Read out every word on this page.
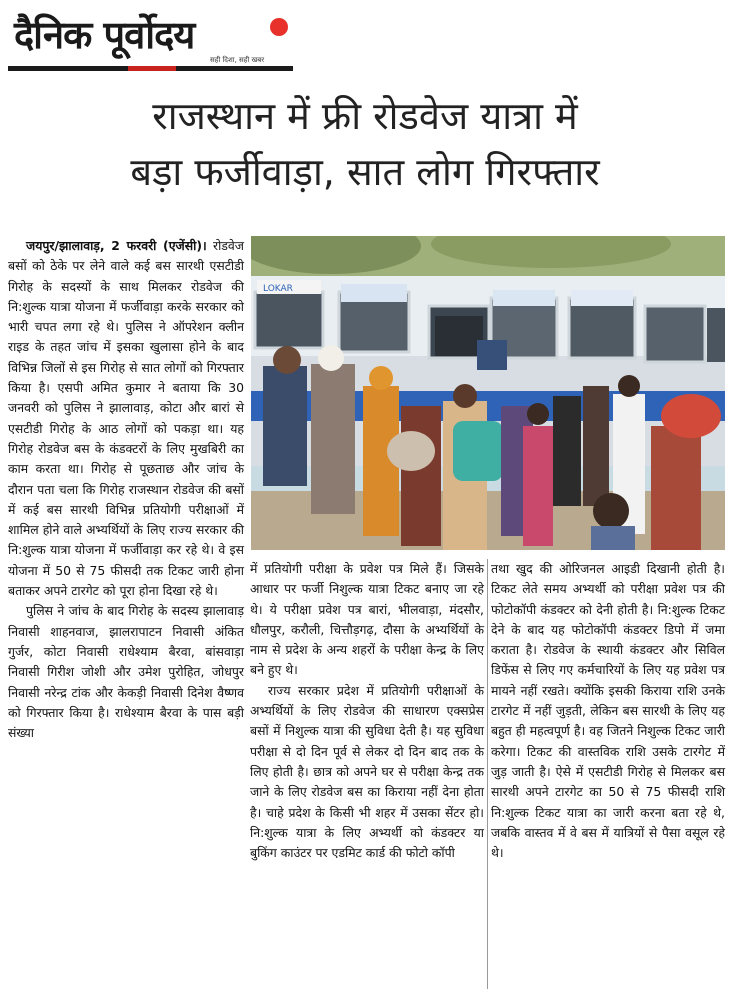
दैनिक पूर्वोदय
सही दिशा, सही खबर
राजस्थान में फ्री रोडवेज यात्रा में
बड़ा फर्जीवाड़ा, सात लोग गिरफ्तार

जयपुर/झालावाड़, 2 फरवरी (एजेंसी)। रोडवेज बसों को ठेके पर लेने वाले कई बस सारथी एसटीडी गिरोह के सदस्यों के साथ मिलकर रोडवेज की नि:शुल्क यात्रा योजना में फर्जीवाड़ा करके सरकार को भारी चपत लगा रहे थे। पुलिस ने ऑपरेशन क्लीन राइड के तहत जांच में इसका खुलासा होने के बाद विभिन्न जिलों से इस गिरोह से सात लोगों को गिरफ्तार किया है। एसपी अमित कुमार ने बताया कि 30 जनवरी को पुलिस ने झालावाड़, कोटा और बारां से एसटीडी गिरोह के आठ लोगों को पकड़ा था। यह गिरोह रोडवेज बस के कंडक्टरों के लिए मुखबिरी का काम करता था। गिरोह से पूछताछ और जांच के दौरान पता चला कि गिरोह राजस्थान रोडवेज की बसों में कई बस सारथी विभिन्न प्रतियोगी परीक्षाओं में शामिल होने वाले अभ्यर्थियों के लिए राज्य सरकार की नि:शुल्क यात्रा योजना में फर्जीवाड़ा कर रहे थे। वे इस योजना में 50 से 75 फीसदी तक टिकट जारी होना बताकर अपने टारगेट को पूरा होना दिखा रहे थे।

पुलिस ने जांच के बाद गिरोह के सदस्य झालावाड़ निवासी शाहनवाज, झालरापाटन निवासी अंकित गुर्जर, कोटा निवासी राधेश्याम बैरवा, बांसवाड़ा निवासी गिरीश जोशी और उमेश पुरोहित, जोधपुर निवासी नरेन्द्र टांक और केकड़ी निवासी दिनेश वैष्णव को गिरफ्तार किया है। राधेश्याम बैरवा के पास बड़ी संख्या

LOKAR

में प्रतियोगी परीक्षा के प्रवेश पत्र मिले हैं। जिसके आधार पर फर्जी निशुल्क यात्रा टिकट बनाए जा रहे थे। ये परीक्षा प्रवेश पत्र बारां, भीलवाड़ा, मंदसौर, धौलपुर, करौली, चित्तौड़गढ़, दौसा के अभ्यर्थियों के नाम से प्रदेश के अन्य शहरों के परीक्षा केन्द्र के लिए बने हुए थे।

राज्य सरकार प्रदेश में प्रतियोगी परीक्षाओं के अभ्यर्थियों के लिए रोडवेज की साधारण एक्सप्रेस बसों में निशुल्क यात्रा की सुविधा देती है। यह सुविधा परीक्षा से दो दिन पूर्व से लेकर दो दिन बाद तक के लिए होती है। छात्र को अपने घर से परीक्षा केन्द्र तक जाने के लिए रोडवेज बस का किराया नहीं देना होता है। चाहे प्रदेश के किसी भी शहर में उसका सेंटर हो। नि:शुल्क यात्रा के लिए अभ्यर्थी को कंडक्टर या बुकिंग काउंटर पर एडमिट कार्ड की फोटो कॉपी

तथा खुद की ओरिजनल आइडी दिखानी होती है। टिकट लेते समय अभ्यर्थी को परीक्षा प्रवेश पत्र की फोटोकॉपी कंडक्टर को देनी होती है। नि:शुल्क टिकट देने के बाद यह फोटोकॉपी कंडक्टर डिपो में जमा कराता है। रोडवेज के स्थायी कंडक्टर और सिविल डिफेंस से लिए गए कर्मचारियों के लिए यह प्रवेश पत्र मायने नहीं रखते। क्योंकि इसकी किराया राशि उनके टारगेट में नहीं जुड़ती, लेकिन बस सारथी के लिए यह बहुत ही महत्वपूर्ण है। वह जितने निशुल्क टिकट जारी करेगा। टिकट की वास्तविक राशि उसके टारगेट में जुड़ जाती है। ऐसे में एसटीडी गिरोह से मिलकर बस सारथी अपने टारगेट का 50 से 75 फीसदी राशि नि:शुल्क टिकट यात्रा का जारी करना बता रहे थे, जबकि वास्तव में वे बस में यात्रियों से पैसा वसूल रहे थे।
